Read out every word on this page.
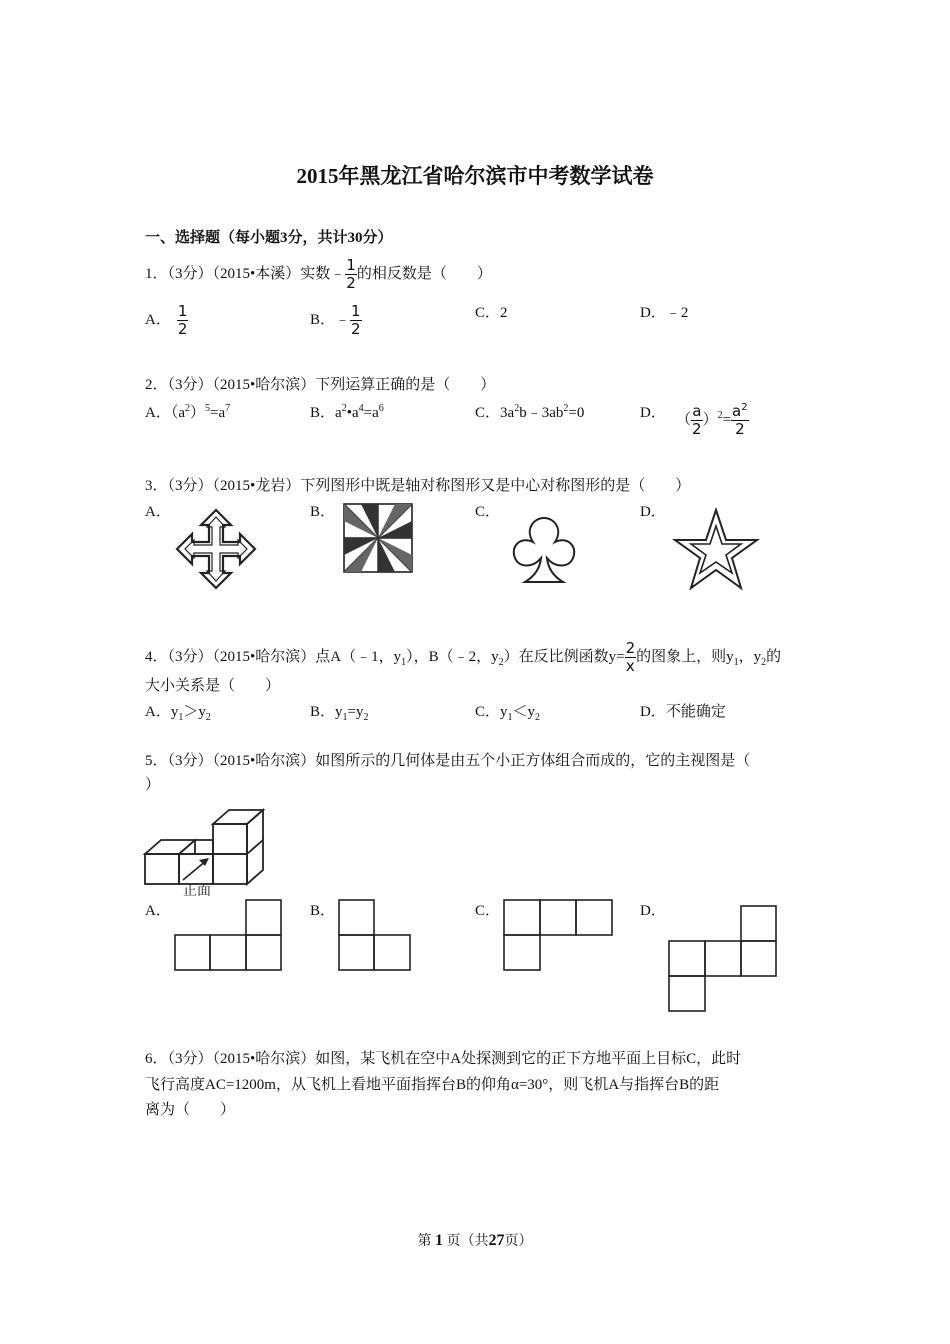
2015年黑龙江省哈尔滨市中考数学试卷
一、选择题（每小题3分，共计30分）
1．（3分）（2015•本溪）实数﹣ $\frac{1}{2}$ 的相反数是（　　）
A． $\frac{1}{2}$	B．﹣ $\frac{1}{2}$	C．2	D．﹣2
2．（3分）（2015•哈尔滨）下列运算正确的是（　　）
A．$(a^2)^5=a^7$	B．$a^2•a^4=a^6$	C．$3a^2b﹣3ab^2=0$	D． （ $\frac{a}{2} )^2= \frac{a^2}{2}$
3．（3分）（2015•龙岩）下列图形中既是轴对称图形又是中心对称图形的是（　　）
A．	B．	C．	D．
4．（3分）（2015•哈尔滨）点A（﹣1，$y_1$），B（﹣2，$y_2$）在反比例函数$y= \frac{2}{x}$ 的图象上，则$y_1$，$y_2$的
大小关系是（　　）
A．$y_1>y_2$	B．$y_1=y_2$	C．$y_1<y_2$	D．不能确定
5．（3分）（2015•哈尔滨）如图所示的几何体是由五个小正方体组合而成的，它的主视图是（
）
正面
A．	B．	C．	D．
6．（3分）（2015•哈尔滨）如图，某飞机在空中A处探测到它的正下方地平面上目标C，此时
飞行高度AC=1200m，从飞机上看地平面指挥台B的仰角α=30°，则飞机A与指挥台B的距
离为（　　）
第 1 页（共27页）
